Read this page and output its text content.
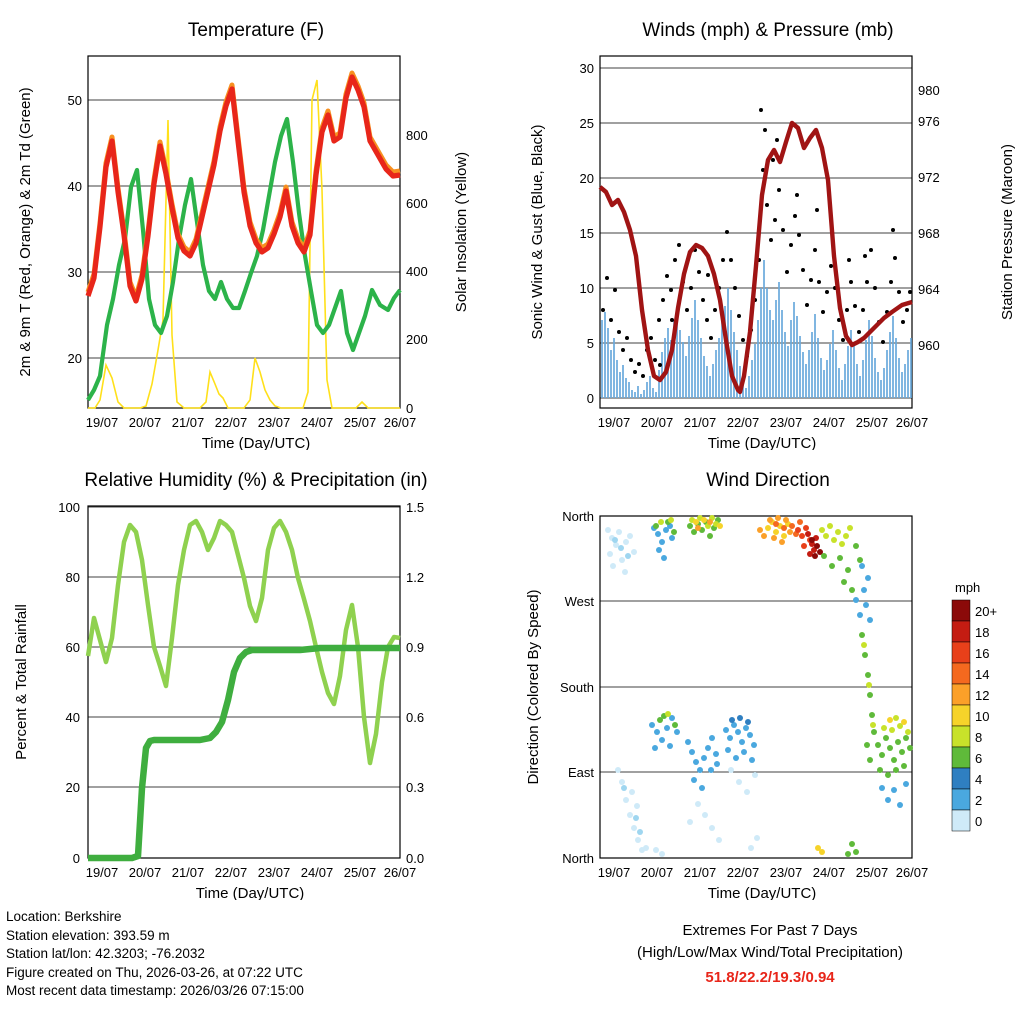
Temperature (F)
20
30
40
50
0
200
400
600
800
19/07 20/07 21/07 22/07 23/07 24/07 25/07 26/07
Time (Day/UTC)
2m & 9m T (Red, Orange) & 2m Td (Green)	Solar Insolation (Yellow)
Winds (mph) & Pressure (mb)
0
5
10
15
20
25
30
960
964
968
972
976
980
19/07 20/07 21/07 22/07 23/07 24/07 25/07 26/07
Time (Day/UTC)
Sonic Wind & Gust (Blue, Black)	Station Pressure (Maroon)
Relative Humidity (%) & Precipitation (in)
0
20
40
60
80
100
0.0
0.3
0.6
0.9
1.2
1.5
19/07 20/07 21/07 22/07 23/07 24/07 25/07 26/07
Time (Day/UTC)
Percent & Total Rainfall
Wind Direction
North
West
South
East
North
19/07 20/07 21/07 22/07 23/07 24/07 25/07 26/07
Time (Day/UTC)
Direction (Colored By Speed)
mph
20+
18
16
14
12
10
8
6
4
2
0
Location: Berkshire
Station elevation: 393.59 m
Station lat/lon: 42.3203; -76.2032
Figure created on Thu, 2026-03-26, at 07:22 UTC
Most recent data timestamp: 2026/03/26 07:15:00
Extremes For Past 7 Days
(High/Low/Max Wind/Total Precipitation)
51.8/22.2/19.3/0.94
